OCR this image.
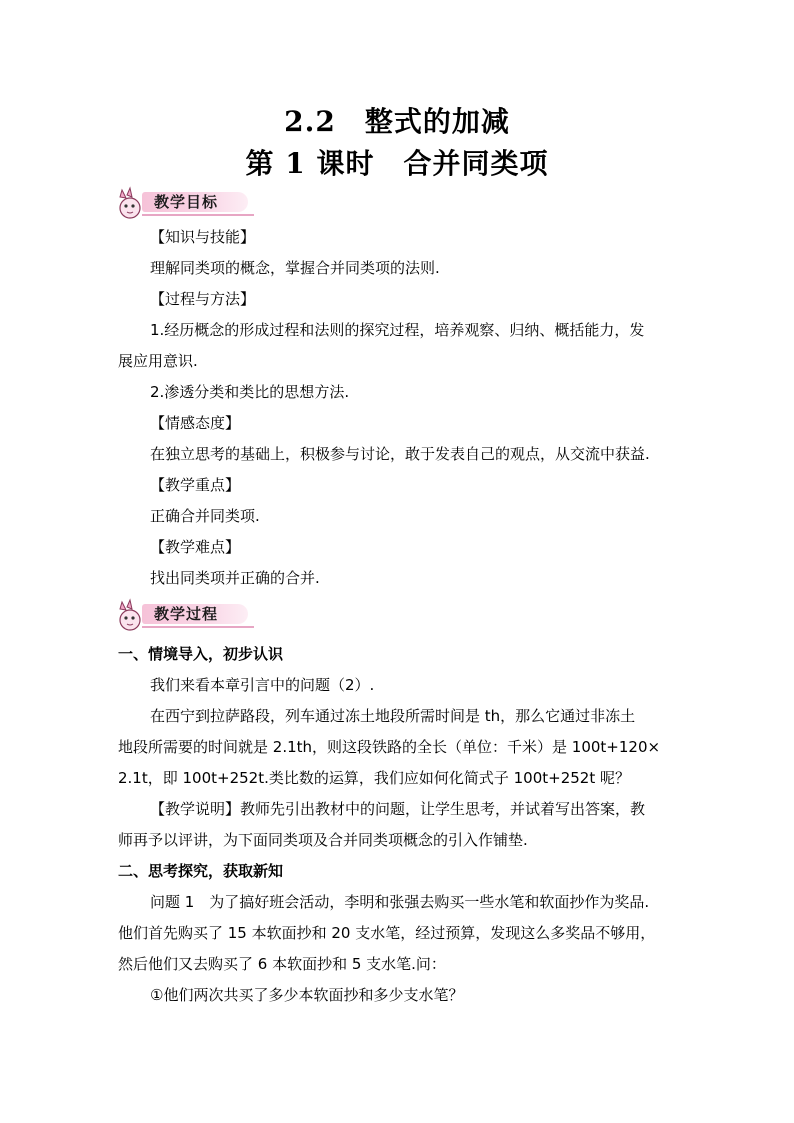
2.2　整式的加减
第 1 课时　合并同类项
教学目标
【知识与技能】
理解同类项的概念，掌握合并同类项的法则.
【过程与方法】
1.经历概念的形成过程和法则的探究过程，培养观察、归纳、概括能力，发
展应用意识.
2.渗透分类和类比的思想方法.
【情感态度】
在独立思考的基础上，积极参与讨论，敢于发表自己的观点，从交流中获益.
【教学重点】
正确合并同类项.
【教学难点】
找出同类项并正确的合并.
教学过程
一、情境导入，初步认识
我们来看本章引言中的问题（2）.
在西宁到拉萨路段，列车通过冻土地段所需时间是 th，那么它通过非冻土
地段所需要的时间就是 2.1th，则这段铁路的全长（单位：千米）是 100t+120×
2.1t，即 100t+252t.类比数的运算，我们应如何化简式子 100t+252t 呢？
【教学说明】教师先引出教材中的问题，让学生思考，并试着写出答案，教
师再予以评讲，为下面同类项及合并同类项概念的引入作铺垫.
二、思考探究，获取新知
问题 1　为了搞好班会活动，李明和张强去购买一些水笔和软面抄作为奖品.
他们首先购买了 15 本软面抄和 20 支水笔，经过预算，发现这么多奖品不够用，
然后他们又去购买了 6 本软面抄和 5 支水笔.问：
①他们两次共买了多少本软面抄和多少支水笔？
